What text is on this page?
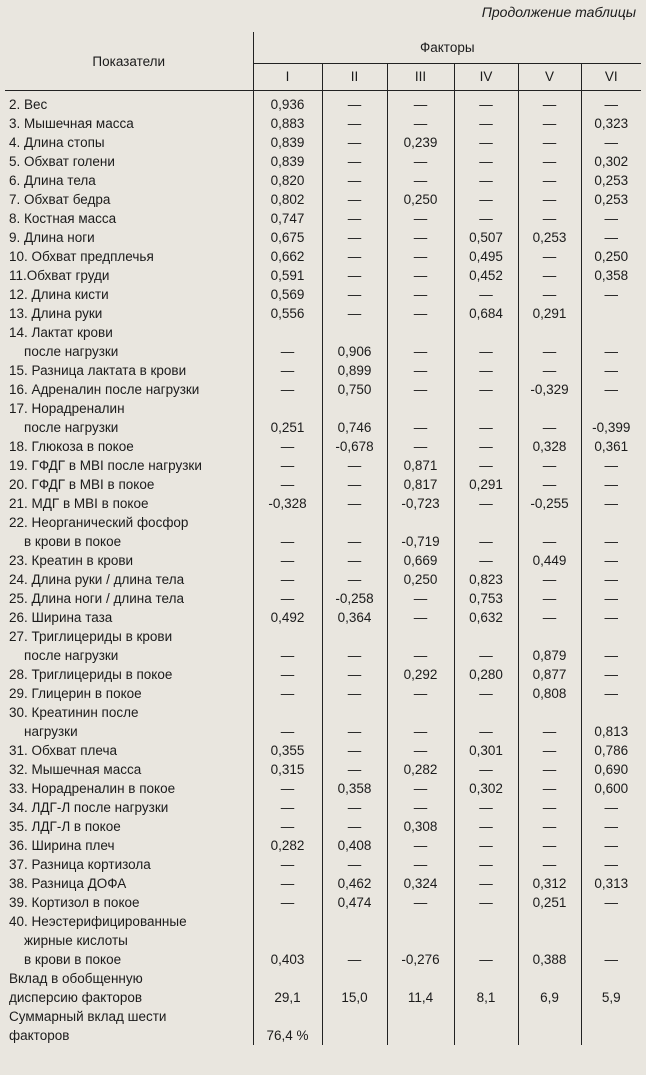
Продолжение таблицы
Показатели	Факторы					
	I	II	III	IV	V	VI
2. Вес	0,936	—	—	—	—	—
3. Мышечная масса	0,883	—	—	—	—	0,323
4. Длина стопы	0,839	—	0,239	—	—	—
5. Обхват голени	0,839	—	—	—	—	0,302
6. Длина тела	0,820	—	—	—	—	0,253
7. Обхват бедра	0,802	—	0,250	—	—	0,253
8. Костная масса	0,747	—	—	—	—	—
9. Длина ноги	0,675	—	—	0,507	0,253	—
10. Обхват предплечья	0,662	—	—	0,495	—	0,250
11.Обхват груди	0,591	—	—	0,452	—	0,358
12. Длина кисти	0,569	—	—	—	—	—
13. Длина руки	0,556	—	—	0,684	0,291	
14. Лактат крови						
после нагрузки	—	0,906	—	—	—	—
15. Разница лактата в крови	—	0,899	—	—	—	—
16. Адреналин после нагрузки	—	0,750	—	—	-0,329	—
17. Норадреналин						
после нагрузки	0,251	0,746	—	—	—	-0,399
18. Глюкоза в покое	—	-0,678	—	—	0,328	0,361
19. ГФДГ в MBI после нагрузки	—	—	0,871	—	—	—
20. ГФДГ в MBI в покое	—	—	0,817	0,291	—	—
21. МДГ в MBI в покое	-0,328	—	-0,723	—	-0,255	—
22. Неорганический фосфор						
в крови в покое	—	—	-0,719	—	—	—
23. Креатин в крови	—	—	0,669	—	0,449	—
24. Длина руки / длина тела	—	—	0,250	0,823	—	—
25. Длина ноги / длина тела	—	-0,258	—	0,753	—	—
26. Ширина таза	0,492	0,364	—	0,632	—	—
27. Триглицериды в крови						
после нагрузки	—	—	—	—	0,879	—
28. Триглицериды в покое	—	—	0,292	0,280	0,877	—
29. Глицерин в покое	—	—	—	—	0,808	—
30. Креатинин после						
нагрузки	—	—	—	—	—	0,813
31. Обхват плеча	0,355	—	—	0,301	—	0,786
32. Мышечная масса	0,315	—	0,282	—	—	0,690
33. Норадреналин в покое	—	0,358	—	0,302	—	0,600
34. ЛДГ-Л после нагрузки	—	—	—	—	—	—
35. ЛДГ-Л в покое	—	—	0,308	—	—	—
36. Ширина плеч	0,282	0,408	—	—	—	—
37. Разница кортизола	—	—	—	—	—	—
38. Разница ДОФА	—	0,462	0,324	—	0,312	0,313
39. Кортизол в покое	—	0,474	—	—	0,251	—
40. Неэстерифицированные						
жирные кислоты						
в крови в покое	0,403	—	-0,276	—	0,388	—
Вклад в обобщенную						
дисперсию факторов	29,1	15,0	11,4	8,1	6,9	5,9
Суммарный вклад шести						
факторов	76,4 %					
